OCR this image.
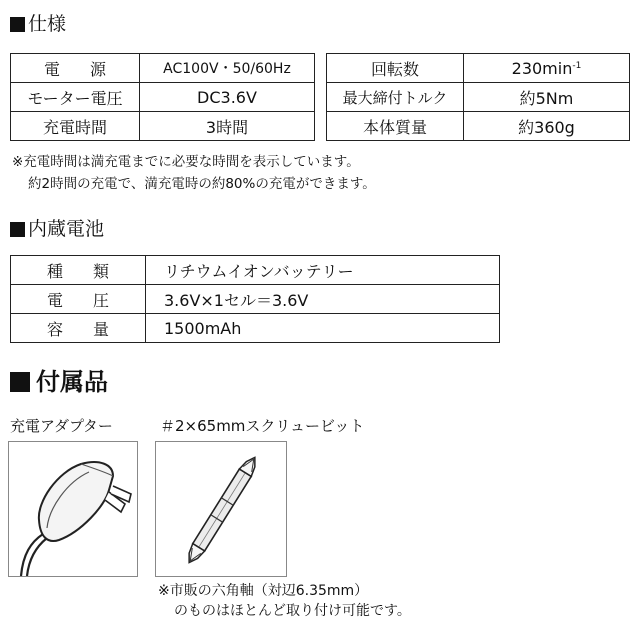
仕様
電 源	AC100V・50/60Hz
モーター電圧	DC3.6V
充電時間	3時間
回転数	$230\min^{-1}$
最大締付トルク	約5Nm
本体質量	約360g
※充電時間は満充電までに必要な時間を表示しています。
約2時間の充電で、満充電時の約80%の充電ができます。
内蔵電池
種 類	リチウムイオンバッテリー
電 圧	3.6V×1セル＝3.6V
容 量	1500mAh
付属品
充電アダプター	＃2×65mmスクリュービット
※市販の六角軸（対辺6.35mm）
のものはほとんど取り付け可能です。
